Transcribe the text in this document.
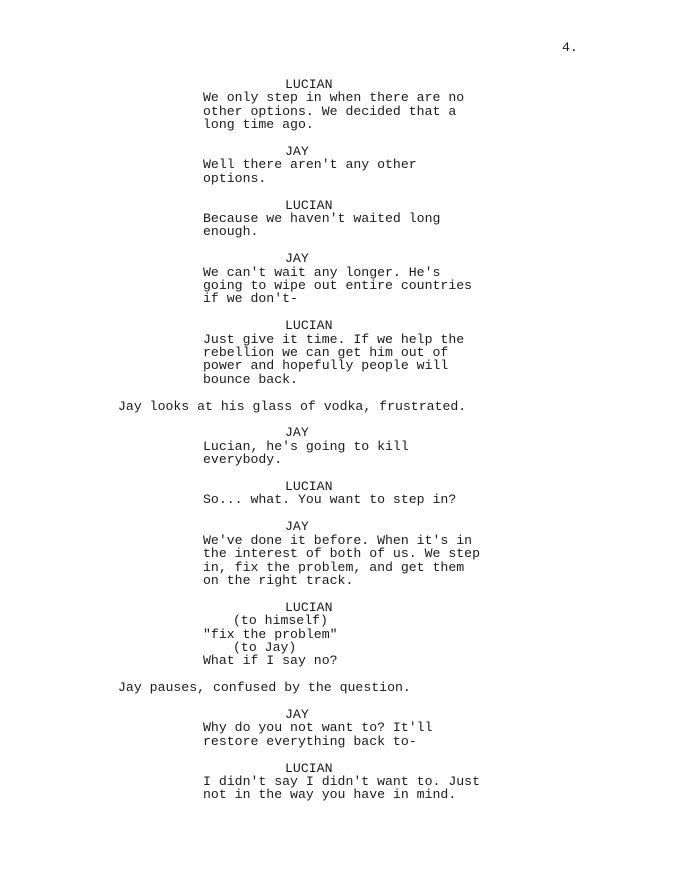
4.
LUCIAN
We only step in when there are no
other options. We decided that a
long time ago.
JAY
Well there aren't any other
options.
LUCIAN
Because we haven't waited long
enough.
JAY
We can't wait any longer. He's
going to wipe out entire countries
if we don't-
LUCIAN
Just give it time. If we help the
rebellion we can get him out of
power and hopefully people will
bounce back.
Jay looks at his glass of vodka, frustrated.
JAY
Lucian, he's going to kill
everybody.
LUCIAN
So... what. You want to step in?
JAY
We've done it before. When it's in
the interest of both of us. We step
in, fix the problem, and get them
on the right track.
LUCIAN
(to himself)
"fix the problem"
(to Jay)
What if I say no?
Jay pauses, confused by the question.
JAY
Why do you not want to? It'll
restore everything back to-
LUCIAN
I didn't say I didn't want to. Just
not in the way you have in mind.
